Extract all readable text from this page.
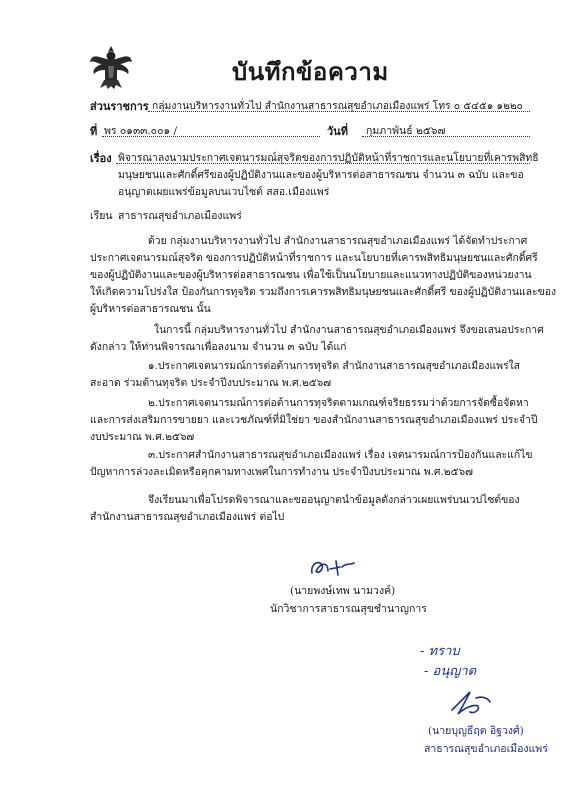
บันทึกข้อความ
ส่วนราชการ กลุ่มงานบริหารงานทั่วไป สำนักงานสาธารณสุขอำเภอเมืองแพร่ โทร ๐ ๕๔๕๑ ๑๒๒๐
ที่ พร ๐๑๓๓.๐๐๑ /	วันที่ กุมภาพันธ์ ๒๕๖๗
เรื่อง พิจารณาลงนามประกาศเจตนารมณ์สุจริตของการปฏิบัติหน้าที่ราชการและนโยบายที่เคารพสิทธิ
มนุษยชนและศักดิ์ศรีของผู้ปฏิบัติงานและของผู้บริหารต่อสาธารณชน จำนวน ๓ ฉบับ และขอ
อนุญาตเผยแพร่ข้อมูลบนเวบไซต์ สสอ.เมืองแพร่
เรียน สาธารณสุขอำเภอเมืองแพร่
ด้วย กลุ่มงานบริหารงานทั่วไป สำนักงานสาธารณสุขอำเภอเมืองแพร่ ได้จัดทำประกาศ
ประกาศเจตนารมณ์สุจริต ของการปฏิบัติหน้าที่ราชการ และนโยบายที่เคารพสิทธิมนุษยชนและศักดิ์ศรี
ของผู้ปฏิบัติงานและของผู้บริหารต่อสาธารณชน เพื่อใช้เป็นนโยบายและแนวทางปฏิบัติของหน่วยงาน
ให้เกิดความโปร่งใส ป้องกันการทุจริต รวมถึงการเคารพสิทธิมนุษยชนและศักดิ์ศรี ของผู้ปฏิบัติงานและของ
ผู้บริหารต่อสาธารณชน นั้น
ในการนี้ กลุ่มบริหารงานทั่วไป สำนักงานสาธารณสุขอำเภอเมืองแพร่ จึงขอเสนอประกาศ
ดังกล่าว ให้ท่านพิจารณาเพื่อลงนาม จำนวน ๓ ฉบับ ได้แก่
๑.ประกาศเจตนารมณ์การต่อต้านการทุจริต สำนักงานสาธารณสุขอำเภอเมืองแพร่ใส
สะอาด ร่วมต้านทุจริต ประจำปีงบประมาณ พ.ศ.๒๕๖๗
๒.ประกาศเจตนารมณ์การต่อต้านการทุจริตตามเกณฑ์จริยธรรมว่าด้วยการจัดซื้อจัดหา
และการส่งเสริมการขายยา และเวชภัณฑ์ที่มิใช่ยา ของสำนักงานสาธารณสุขอำเภอเมืองแพร่ ประจำปี
งบประมาณ พ.ศ.๒๕๖๗
๓.ประกาศสำนักงานสาธารณสุขอำเภอเมืองแพร่ เรื่อง เจตนารมณ์การป้องกันและแก้ไข
ปัญหาการล่วงละเมิดหรือคุกคามทางเพศในการทำงาน ประจำปีงบประมาณ พ.ศ.๒๕๖๗
จึงเรียนมาเพื่อโปรดพิจารณาและขออนุญาตนำข้อมูลดังกล่าวเผยแพร่บนเวปไซต์ของ
สำนักงานสาธารณสุขอำเภอเมืองแพร่ ต่อไป
(นายพงษ์เทพ นามวงค์)
นักวิชาการสาธารณสุขชำนาญการ
- ทราบ
- อนุญาต
(นายบุญธีฤต อิฐวงศ์)
สาธารณสุขอำเภอเมืองแพร่
